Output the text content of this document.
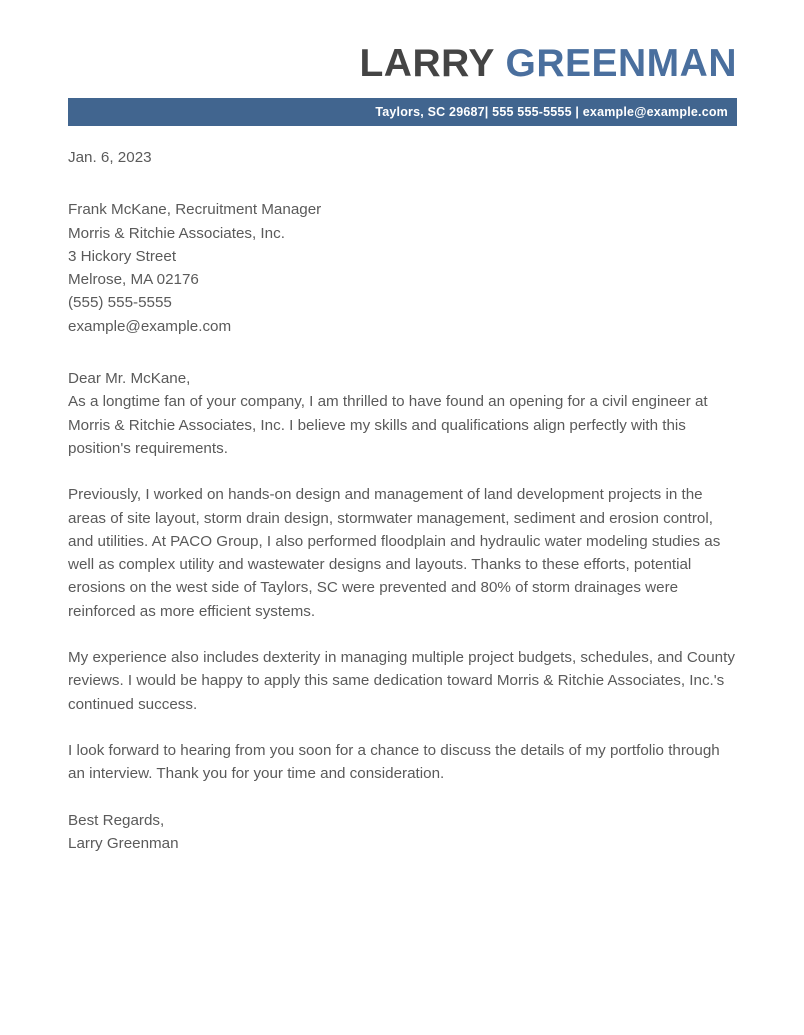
LARRY GREENMAN
Taylors, SC 29687| 555 555-5555 | example@example.com
Jan. 6, 2023
Frank McKane, Recruitment Manager
Morris & Ritchie Associates, Inc.
3 Hickory Street
Melrose, MA 02176
(555) 555-5555
example@example.com
Dear Mr. McKane,

As a longtime fan of your company, I am thrilled to have found an opening for a civil engineer at Morris & Ritchie Associates, Inc. I believe my skills and qualifications align perfectly with this position's requirements.

Previously, I worked on hands-on design and management of land development projects in the areas of site layout, storm drain design, stormwater management, sediment and erosion control, and utilities. At PACO Group, I also performed floodplain and hydraulic water modeling studies as well as complex utility and wastewater designs and layouts. Thanks to these efforts, potential erosions on the west side of Taylors, SC were prevented and 80% of storm drainages were reinforced as more efficient systems.

My experience also includes dexterity in managing multiple project budgets, schedules, and County reviews. I would be happy to apply this same dedication toward Morris & Ritchie Associates, Inc.'s continued success.

I look forward to hearing from you soon for a chance to discuss the details of my portfolio through an interview. Thank you for your time and consideration.

Best Regards,
Larry Greenman
